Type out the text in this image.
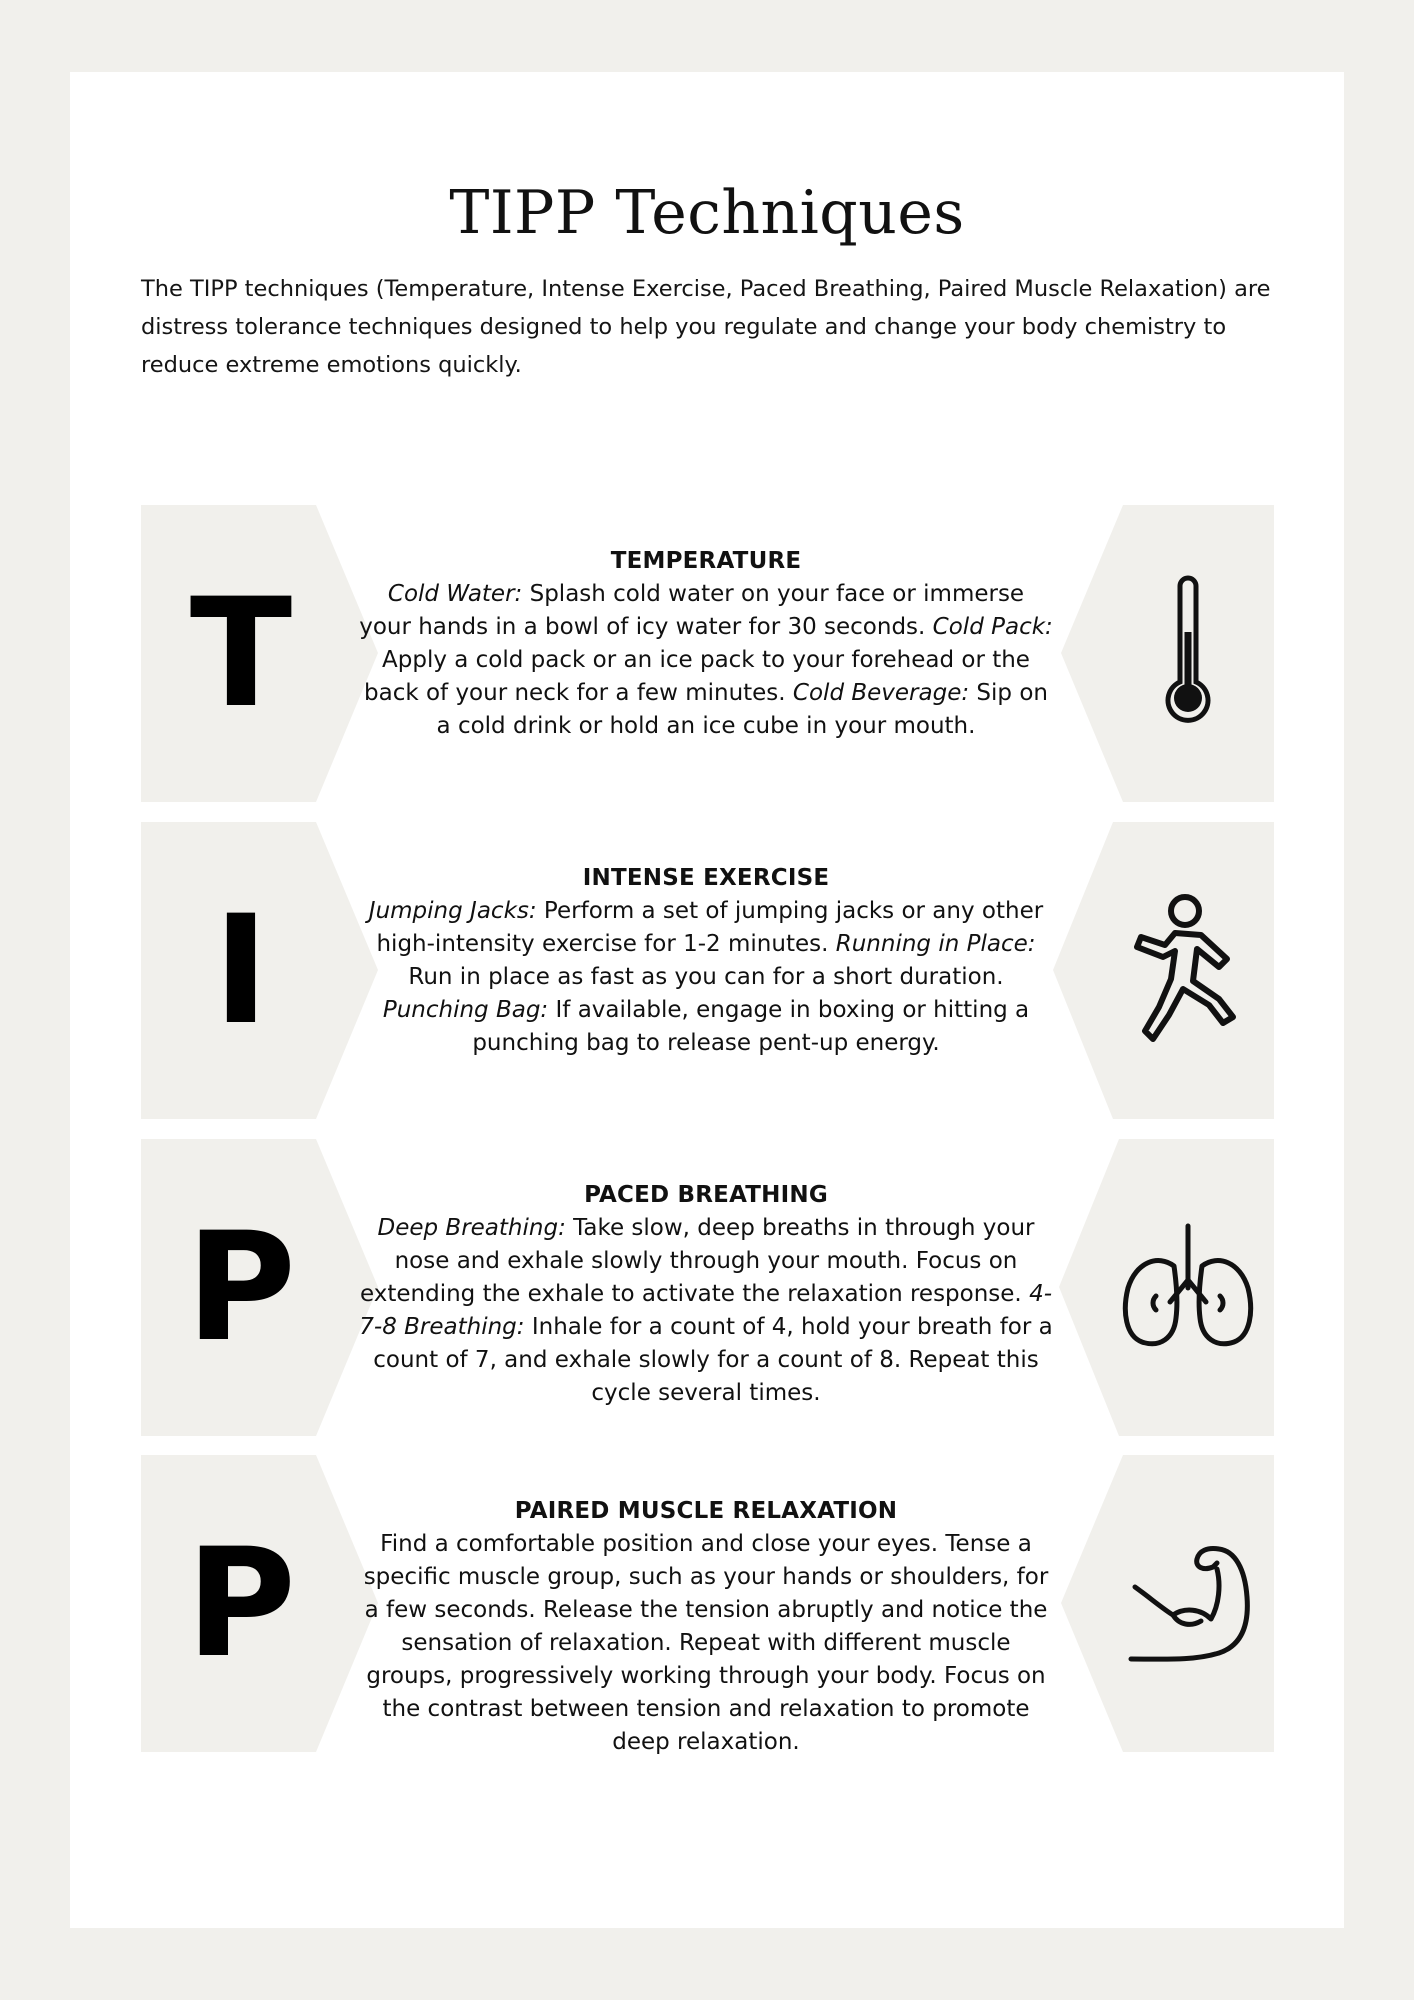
TIPP Techniques

The TIPP techniques (Temperature, Intense Exercise, Paced Breathing, Paired Muscle Relaxation) are distress tolerance techniques designed to help you regulate and change your body chemistry to reduce extreme emotions quickly.

T
TEMPERATURE
Cold Water: Splash cold water on your face or immerse your hands in a bowl of icy water for 30 seconds. Cold Pack: Apply a cold pack or an ice pack to your forehead or the back of your neck for a few minutes. Cold Beverage: Sip on a cold drink or hold an ice cube in your mouth.
I
INTENSE EXERCISE
Jumping Jacks: Perform a set of jumping jacks or any other high-intensity exercise for 1-2 minutes. Running in Place: Run in place as fast as you can for a short duration. Punching Bag: If available, engage in boxing or hitting a punching bag to release pent-up energy.
P
PACED BREATHING
Deep Breathing: Take slow, deep breaths in through your nose and exhale slowly through your mouth. Focus on extending the exhale to activate the relaxation response. 4-7-8 Breathing: Inhale for a count of 4, hold your breath for a count of 7, and exhale slowly for a count of 8. Repeat this cycle several times.
P
PAIRED MUSCLE RELAXATION
Find a comfortable position and close your eyes. Tense a specific muscle group, such as your hands or shoulders, for a few seconds. Release the tension abruptly and notice the sensation of relaxation. Repeat with different muscle groups, progressively working through your body. Focus on the contrast between tension and relaxation to promote deep relaxation.
